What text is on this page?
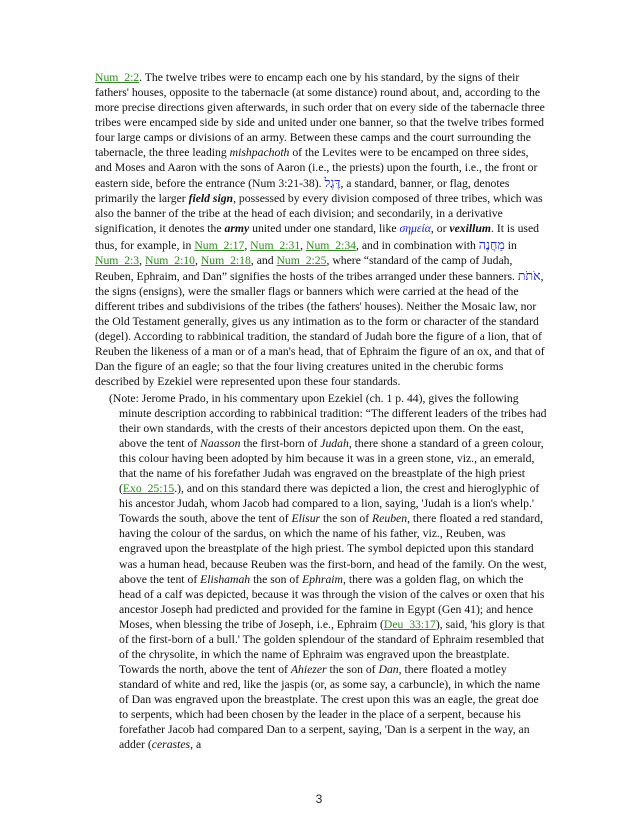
Num_2:2. The twelve tribes were to encamp each one by his standard, by the signs of their fathers' houses, opposite to the tabernacle (at some distance) round about, and, according to the more precise directions given afterwards, in such order that on every side of the tabernacle three tribes were encamped side by side and united under one banner, so that the twelve tribes formed four large camps or divisions of an army. Between these camps and the court surrounding the tabernacle, the three leading mishpachoth of the Levites were to be encamped on three sides, and Moses and Aaron with the sons of Aaron (i.e., the priests) upon the fourth, i.e., the front or eastern side, before the entrance (Num 3:21-38). דֶּגֶל, a standard, banner, or flag, denotes primarily the larger field sign, possessed by every division composed of three tribes, which was also the banner of the tribe at the head of each division; and secondarily, in a derivative signification, it denotes the army united under one standard, like σημεία, or vexillum. It is used thus, for example, in Num_2:17, Num_2:31, Num_2:34, and in combination with מַחֲנֶה in Num_2:3, Num_2:10, Num_2:18, and Num_2:25, where “standard of the camp of Judah, Reuben, Ephraim, and Dan” signifies the hosts of the tribes arranged under these banners. אֹתֹת, the signs (ensigns), were the smaller flags or banners which were carried at the head of the different tribes and subdivisions of the tribes (the fathers' houses). Neither the Mosaic law, nor the Old Testament generally, gives us any intimation as to the form or character of the standard (degel). According to rabbinical tradition, the standard of Judah bore the figure of a lion, that of Reuben the likeness of a man or of a man's head, that of Ephraim the figure of an ox, and that of Dan the figure of an eagle; so that the four living creatures united in the cherubic forms described by Ezekiel were represented upon these four standards.

(Note: Jerome Prado, in his commentary upon Ezekiel (ch. 1 p. 44), gives the following minute description according to rabbinical tradition: “The different leaders of the tribes had their own standards, with the crests of their ancestors depicted upon them. On the east, above the tent of Naasson the first-born of Judah, there shone a standard of a green colour, this colour having been adopted by him because it was in a green stone, viz., an emerald, that the name of his forefather Judah was engraved on the breastplate of the high priest (Exo_25:15.), and on this standard there was depicted a lion, the crest and hieroglyphic of his ancestor Judah, whom Jacob had compared to a lion, saying, 'Judah is a lion's whelp.' Towards the south, above the tent of Elisur the son of Reuben, there floated a red standard, having the colour of the sardus, on which the name of his father, viz., Reuben, was engraved upon the breastplate of the high priest. The symbol depicted upon this standard was a human head, because Reuben was the first-born, and head of the family. On the west, above the tent of Elishamah the son of Ephraim, there was a golden flag, on which the head of a calf was depicted, because it was through the vision of the calves or oxen that his ancestor Joseph had predicted and provided for the famine in Egypt (Gen 41); and hence Moses, when blessing the tribe of Joseph, i.e., Ephraim (Deu_33:17), said, 'his glory is that of the first-born of a bull.' The golden splendour of the standard of Ephraim resembled that of the chrysolite, in which the name of Ephraim was engraved upon the breastplate. Towards the north, above the tent of Ahiezer the son of Dan, there floated a motley standard of white and red, like the jaspis (or, as some say, a carbuncle), in which the name of Dan was engraved upon the breastplate. The crest upon this was an eagle, the great doe to serpents, which had been chosen by the leader in the place of a serpent, because his forefather Jacob had compared Dan to a serpent, saying, 'Dan is a serpent in the way, an adder (cerastes, a

3
